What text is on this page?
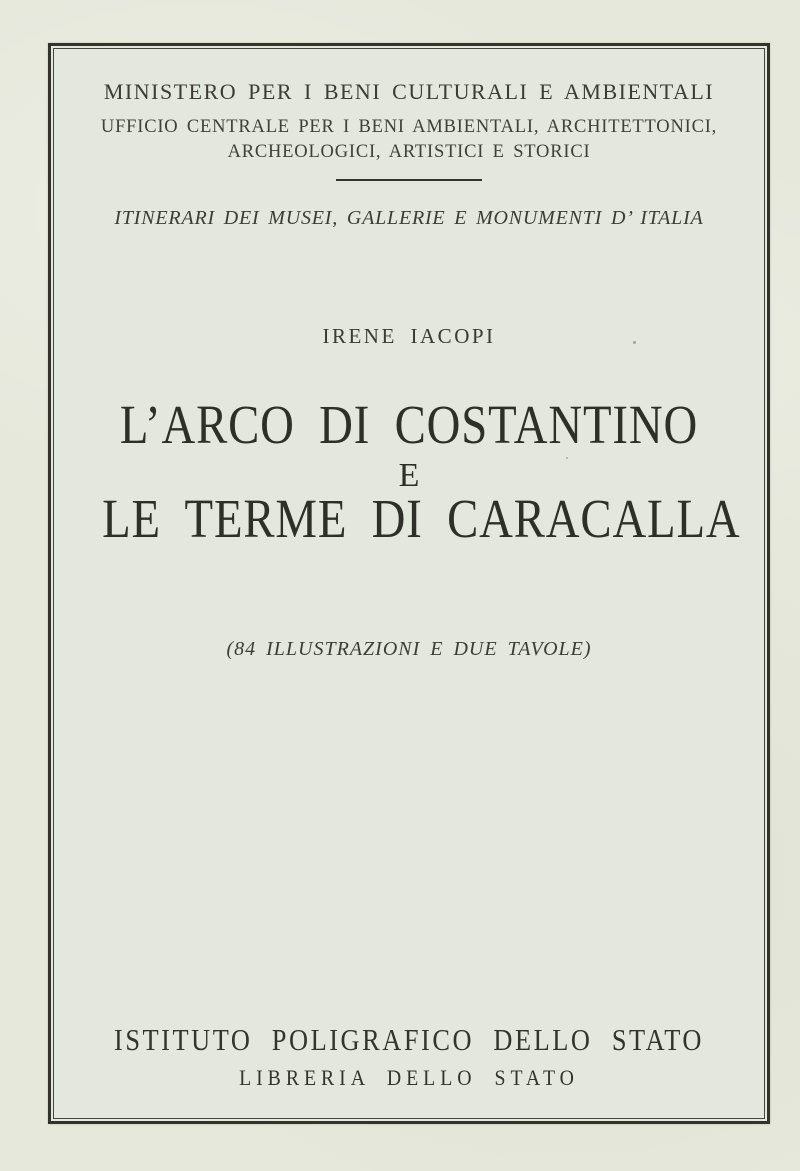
MINISTERO PER I BENI CULTURALI E AMBIENTALI
UFFICIO CENTRALE PER I BENI AMBIENTALI, ARCHITETTONICI,
ARCHEOLOGICI, ARTISTICI E STORICI
ITINERARI DEI MUSEI, GALLERIE E MONUMENTI D’ ITALIA
IRENE IACOPI
L’ARCO DI COSTANTINO
E
LE TERME DI CARACALLA
(84 ILLUSTRAZIONI E DUE TAVOLE)
ISTITUTO POLIGRAFICO DELLO STATO
LIBRERIA DELLO STATO
